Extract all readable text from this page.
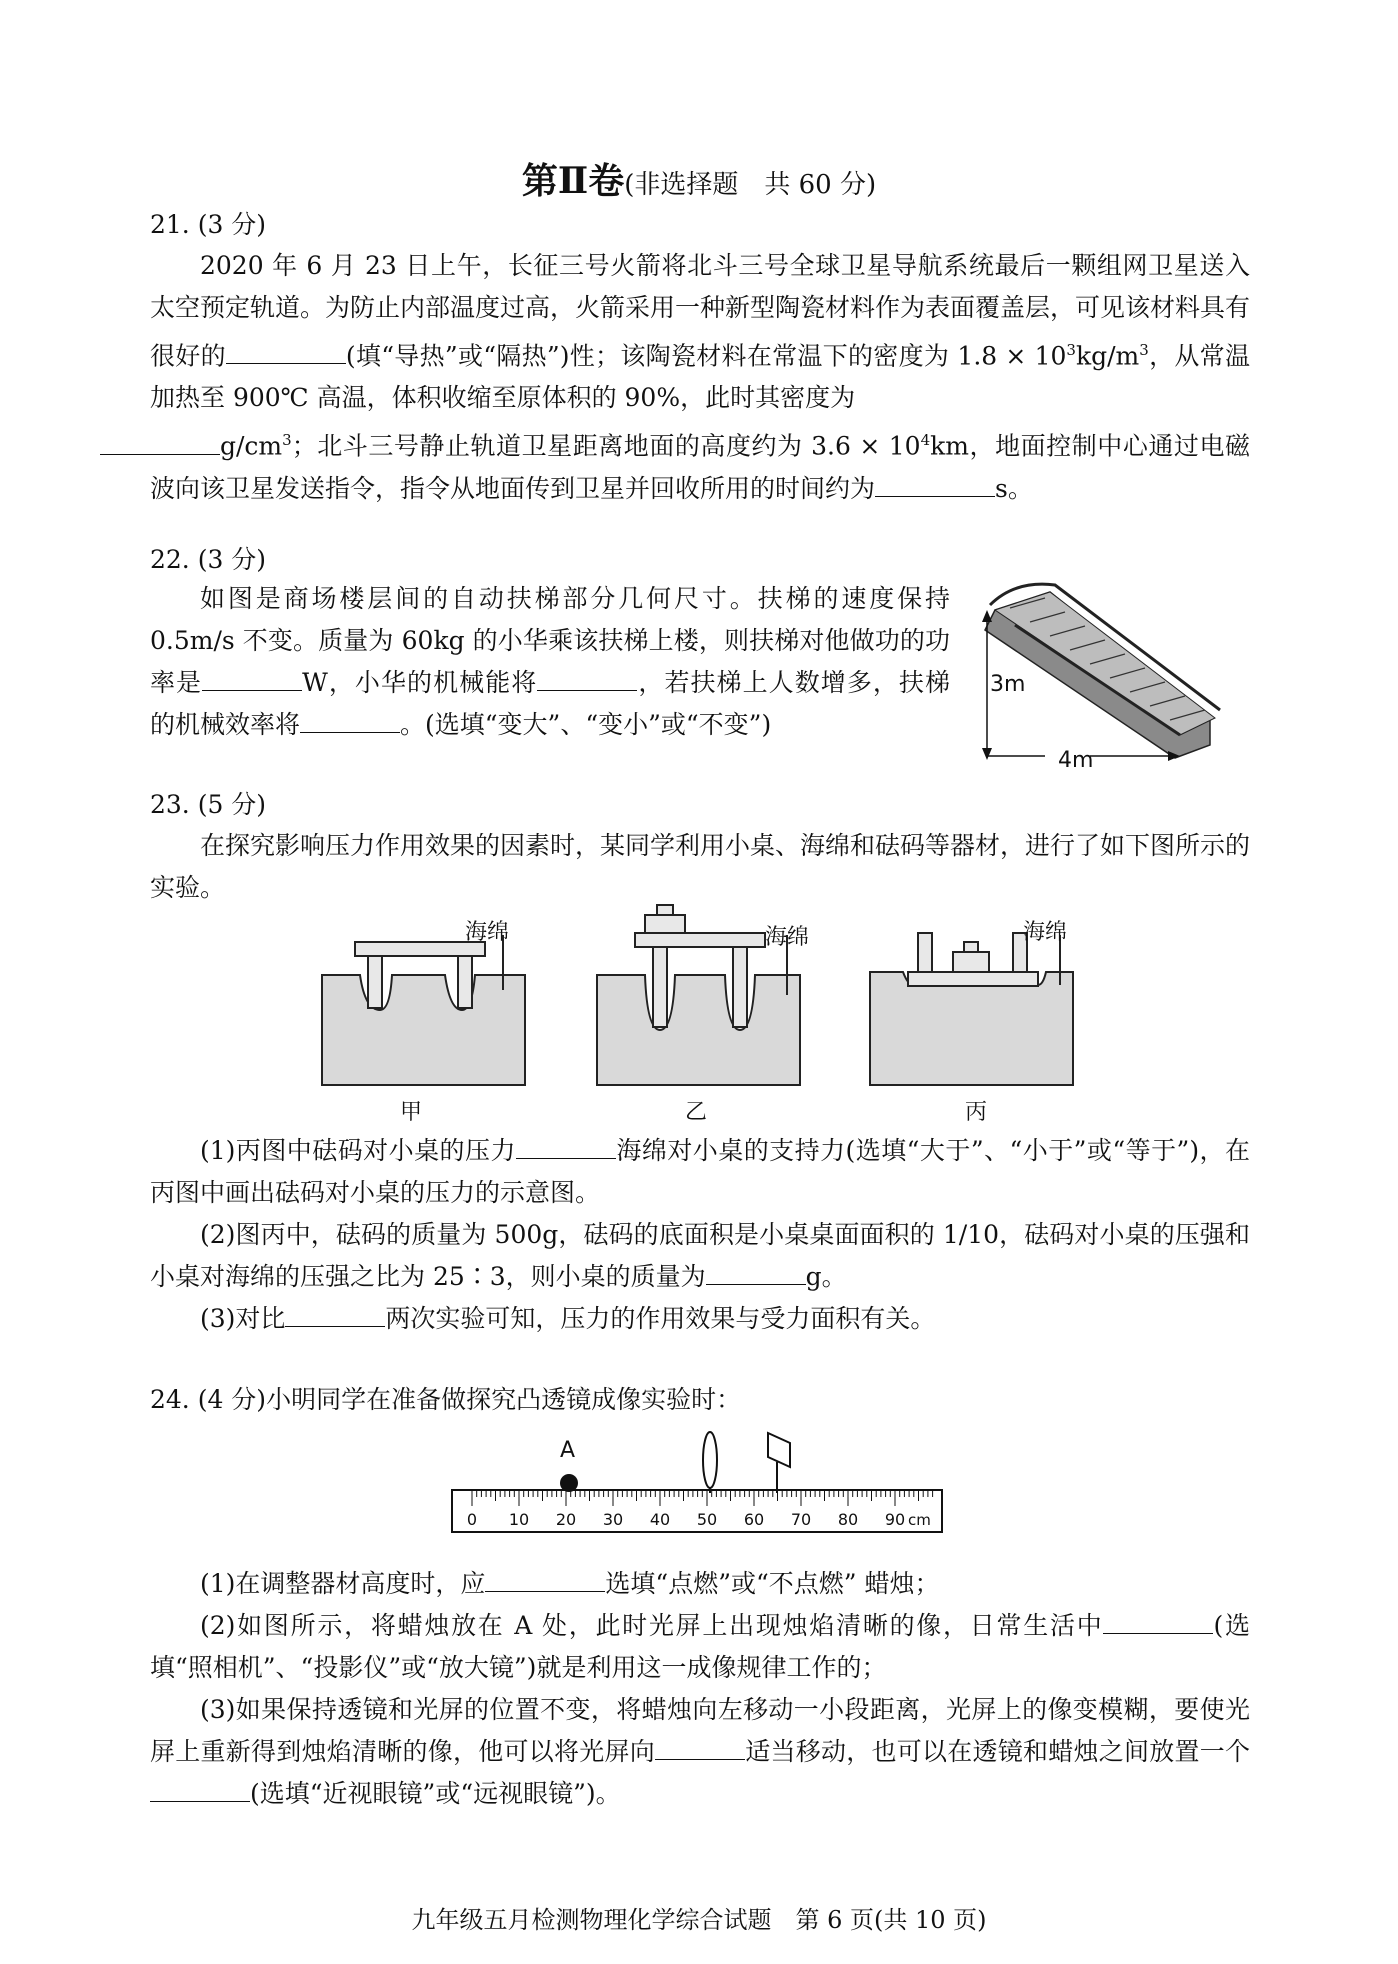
第Ⅱ卷(非选择题　共 60 分)
21. (3 分)
2020 年 6 月 23 日上午，长征三号火箭将北斗三号全球卫星导航系统最后一颗组网卫星送入太空预定轨道。为防止内部温度过高，火箭采用一种新型陶瓷材料作为表面覆盖层，可见该材料具有很好的	(填“导热”或“隔热”)性；该陶瓷材料在常温下的密度为 $1.8 \times 10^3kg/m^3$，从常温加热至 900℃ 高温，体积收缩至原体积的 90%，此时其密度为
$g/cm^3$；北斗三号静止轨道卫星距离地面的高度约为 $3.6 \times 10^4km$，地面控制中心通过电磁波向该卫星发送指令，指令从地面传到卫星并回收所用的时间约为	s。
22. (3 分)
如图是商场楼层间的自动扶梯部分几何尺寸。扶梯的速度保持 0.5m/s 不变。质量为 60kg 的小华乘该扶梯上楼，则扶梯对他做功的功率是	W，小华的机械能将	，若扶梯上人数增多，扶梯的机械效率将	。(选填“变大”、“变小”或“不变”)
3m
4m
23. (5 分)
在探究影响压力作用效果的因素时，某同学利用小桌、海绵和砝码等器材，进行了如下图所示的实验。
海绵
甲
海绵
乙
海绵
丙
(1)丙图中砝码对小桌的压力	海绵对小桌的支持力(选填“大于”、“小于”或“等于”)，在丙图中画出砝码对小桌的压力的示意图。
(2)图丙中，砝码的质量为 500g，砝码的底面积是小桌桌面面积的 1/10，砝码对小桌的压强和小桌对海绵的压强之比为 25∶3，则小桌的质量为	g。
(3)对比	两次实验可知，压力的作用效果与受力面积有关。
24. (4 分)小明同学在准备做探究凸透镜成像实验时：
0 10 20 30 40 50 60 70 80 90 cm
A
(1)在调整器材高度时，应	选填“点燃”或“不点燃” 蜡烛；
(2)如图所示，将蜡烛放在 A 处，此时光屏上出现烛焰清晰的像，日常生活中	(选填“照相机”、“投影仪”或“放大镜”)就是利用这一成像规律工作的；
(3)如果保持透镜和光屏的位置不变，将蜡烛向左移动一小段距离，光屏上的像变模糊，要使光屏上重新得到烛焰清晰的像，他可以将光屏向	适当移动，也可以在透镜和蜡烛之间放置一个(选填“近视眼镜”或“远视眼镜”)。
九年级五月检测物理化学综合试题　第 6 页(共 10 页)
